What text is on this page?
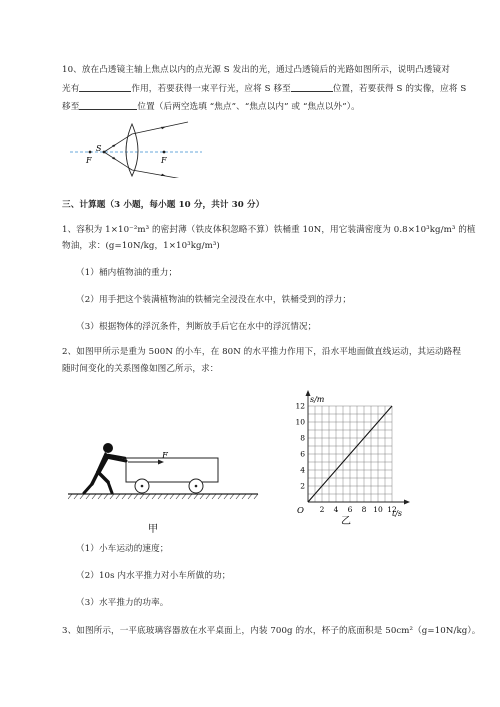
10、放在凸透镜主轴上焦点以内的点光源 S 发出的光，通过凸透镜后的光路如图所示，说明凸透镜对
光有	作用，若要获得一束平行光，应将 S 移至	位置，若要获得 S 的实像，应将 S
移至	位置（后两空选填 “焦点”、“焦点以内” 或 “焦点以外”）。
S
F	F
三、计算题（3 小题，每小题 10 分，共计 30 分）
1、容积为 1×10⁻²m³ 的密封薄（铁皮体积忽略不算）铁桶重 10N，用它装满密度为 0.8×10³kg/m³ 的植
物油，求：(g=10N/kg，1×10³kg/m³)
（1）桶内植物油的重力；
（2）用手把这个装满植物油的铁桶完全浸没在水中，铁桶受到的浮力；
（3）根据物体的浮沉条件，判断放手后它在水中的浮沉情况；
2、如图甲所示是重为 500N 的小车，在 80N 的水平推力作用下，沿水平地面做直线运动，其运动路程
随时间变化的关系图像如图乙所示，求：
F
甲
2 4 6 8 10 12
2
4
6
8
10
12
s/m
t/s
O
乙
（1）小车运动的速度；
（2）10s 内水平推力对小车所做的功；
（3）水平推力的功率。
3、如图所示，一平底玻璃容器放在水平桌面上，内装 700g 的水，杯子的底面积是 50cm²（g=10N/kg）。
